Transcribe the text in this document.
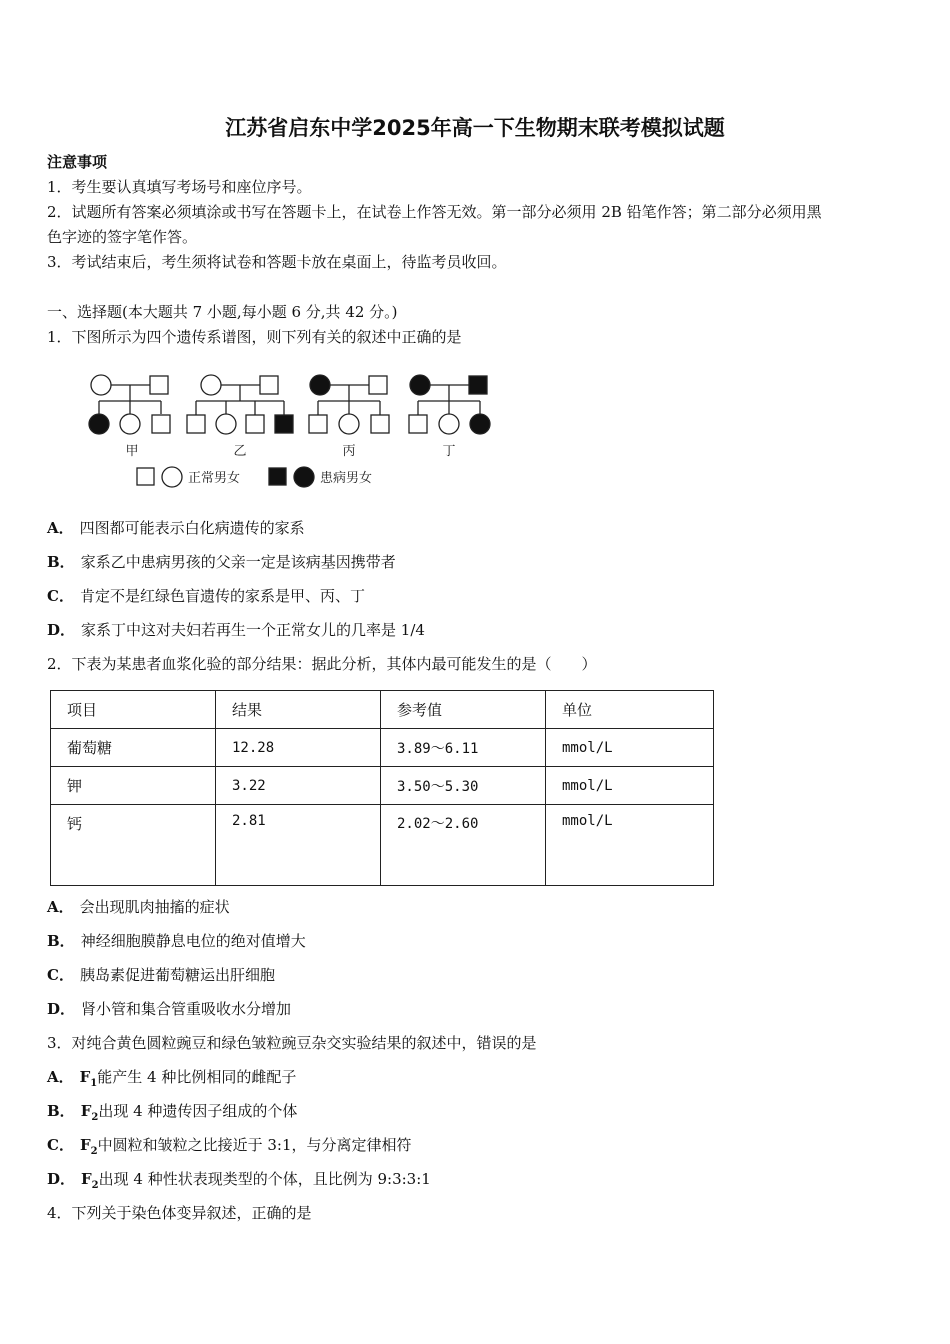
江苏省启东中学2025年高一下生物期末联考模拟试题
注意事项
1．考生要认真填写考场号和座位序号。
2．试题所有答案必须填涂或书写在答题卡上，在试卷上作答无效。第一部分必须用 2B 铅笔作答；第二部分必须用黑
色字迹的签字笔作答。
3．考试结束后，考生须将试卷和答题卡放在桌面上，待监考员收回。
一、选择题(本大题共 7 小题,每小题 6 分,共 42 分。)
1．下图所示为四个遗传系谱图，则下列有关的叙述中正确的是
甲	乙	丙	丁
正常男女	患病男女
A． 四图都可能表示白化病遗传的家系
B． 家系乙中患病男孩的父亲一定是该病基因携带者
C． 肯定不是红绿色盲遗传的家系是甲、丙、丁
D． 家系丁中这对夫妇若再生一个正常女儿的几率是 1/4
2．下表为某患者血浆化验的部分结果：据此分析，其体内最可能发生的是（　　）
项目	结果	参考值	单位
葡萄糖	12.28	3.89～6.11	mmol/L
钾	3.22	3.50～5.30	mmol/L
钙	2.81	2.02～2.60	mmol/L
A． 会出现肌肉抽搐的症状
B． 神经细胞膜静息电位的绝对值增大
C． 胰岛素促进葡萄糖运出肝细胞
D． 肾小管和集合管重吸收水分增加
3．对纯合黄色圆粒豌豆和绿色皱粒豌豆杂交实验结果的叙述中，错误的是
A． $F_1$能产生 4 种比例相同的雌配子
B． $F_2$出现 4 种遗传因子组成的个体
C． $F_2$中圆粒和皱粒之比接近于 3:1，与分离定律相符
D． $F_2$出现 4 种性状表现类型的个体，且比例为 9:3:3:1
4．下列关于染色体变异叙述，正确的是
